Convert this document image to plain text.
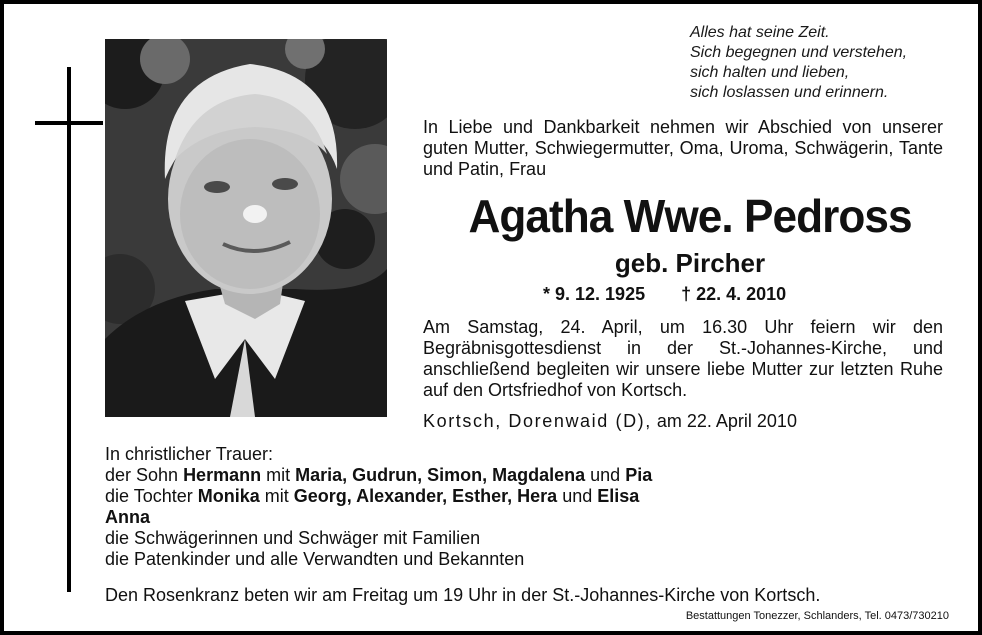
Alles hat seine Zeit.
Sich begegnen und verstehen,
sich halten und lieben,
sich loslassen und erinnern.
In Liebe und Dankbarkeit nehmen wir Abschied von unserer guten Mutter, Schwiegermutter, Oma, Uroma, Schwägerin, Tante und Patin, Frau
Agatha Wwe. Pedross
geb. Pircher
* 9. 12. 1925 † 22. 4. 2010
Am Samstag, 24. April, um 16.30 Uhr feiern wir den Begräbnisgottesdienst in der St.-Johannes-Kirche, und anschließend begleiten wir unsere liebe Mutter zur letzten Ruhe auf den Ortsfriedhof von Kortsch.
Kortsch, Dorenwaid (D), am 22. April 2010
In christlicher Trauer:
der Sohn Hermann mit Maria, Gudrun, Simon, Magdalena und Pia
die Tochter Monika mit Georg, Alexander, Esther, Hera und Elisa
Anna
die Schwägerinnen und Schwäger mit Familien
die Patenkinder und alle Verwandten und Bekannten
Den Rosenkranz beten wir am Freitag um 19 Uhr in der St.-Johannes-Kirche von Kortsch.
Bestattungen Tonezzer, Schlanders, Tel. 0473/730210
